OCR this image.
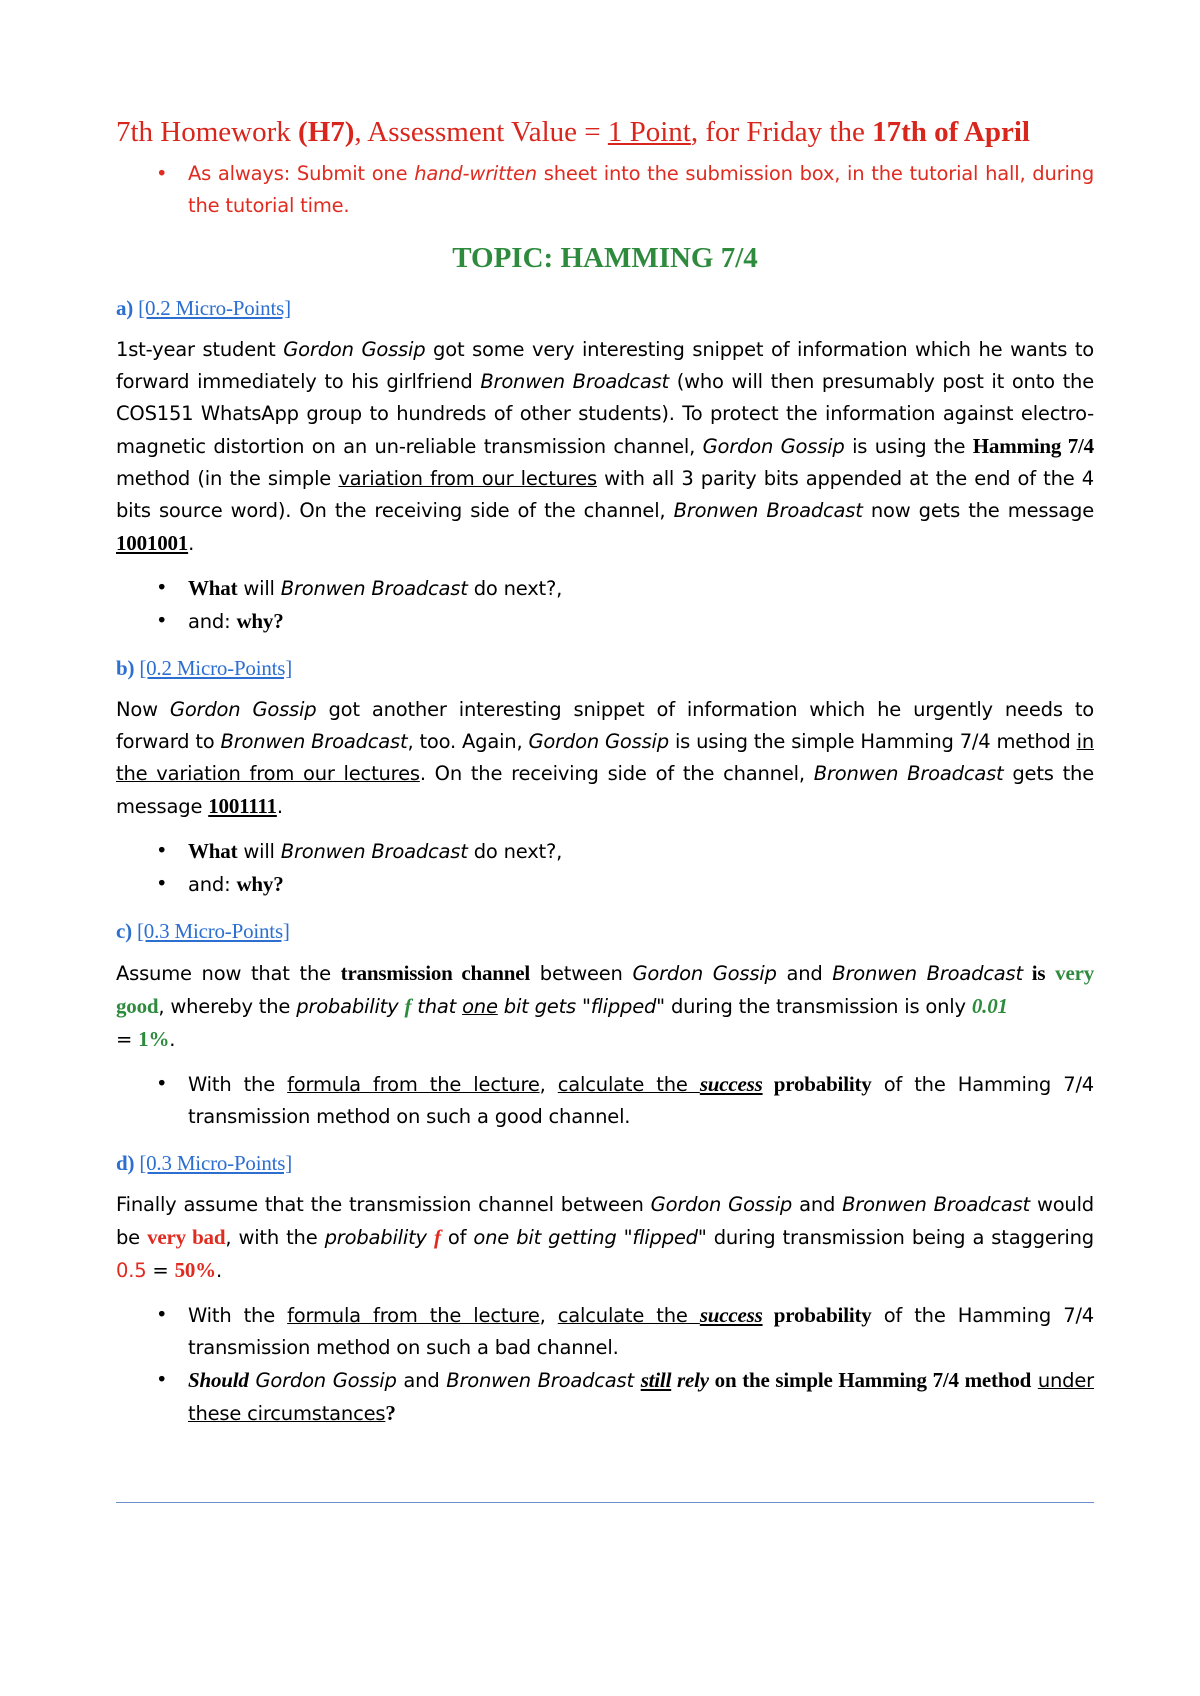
7th Homework (H7), Assessment Value = 1 Point, for Friday the 17th of April
• As always: Submit one hand-written sheet into the submission box, in the tutorial hall, during the tutorial time.
TOPIC: HAMMING 7/4
a) [0.2 Micro-Points]

1st-year student Gordon Gossip got some very interesting snippet of information which he wants to forward immediately to his girlfriend Bronwen Broadcast (who will then presumably post it onto the COS151 WhatsApp group to hundreds of other students). To protect the information against electro-magnetic distortion on an un-reliable transmission channel, Gordon Gossip is using the Hamming 7/4 method (in the simple variation from our lectures with all 3 parity bits appended at the end of the 4 bits source word). On the receiving side of the channel, Bronwen Broadcast now gets the message 1001001.

• What will Bronwen Broadcast do next?,
• and: why?
b) [0.2 Micro-Points]

Now Gordon Gossip got another interesting snippet of information which he urgently needs to forward to Bronwen Broadcast, too. Again, Gordon Gossip is using the simple Hamming 7/4 method in the variation from our lectures. On the receiving side of the channel, Bronwen Broadcast gets the message 1001111.

• What will Bronwen Broadcast do next?,
• and: why?
c) [0.3 Micro-Points]

Assume now that the transmission channel between Gordon Gossip and Bronwen Broadcast is very good, whereby the probability f that one bit gets "flipped" during the transmission is only 0.01
= 1%.

• With the formula from the lecture, calculate the success probability of the Hamming 7/4 transmission method on such a good channel.
d) [0.3 Micro-Points]

Finally assume that the transmission channel between Gordon Gossip and Bronwen Broadcast would be very bad, with the probability f of one bit getting "flipped" during transmission being a staggering 0.5 = 50%.

• With the formula from the lecture, calculate the success probability of the Hamming 7/4 transmission method on such a bad channel.
• Should Gordon Gossip and Bronwen Broadcast still rely on the simple Hamming 7/4 method under these circumstances?
